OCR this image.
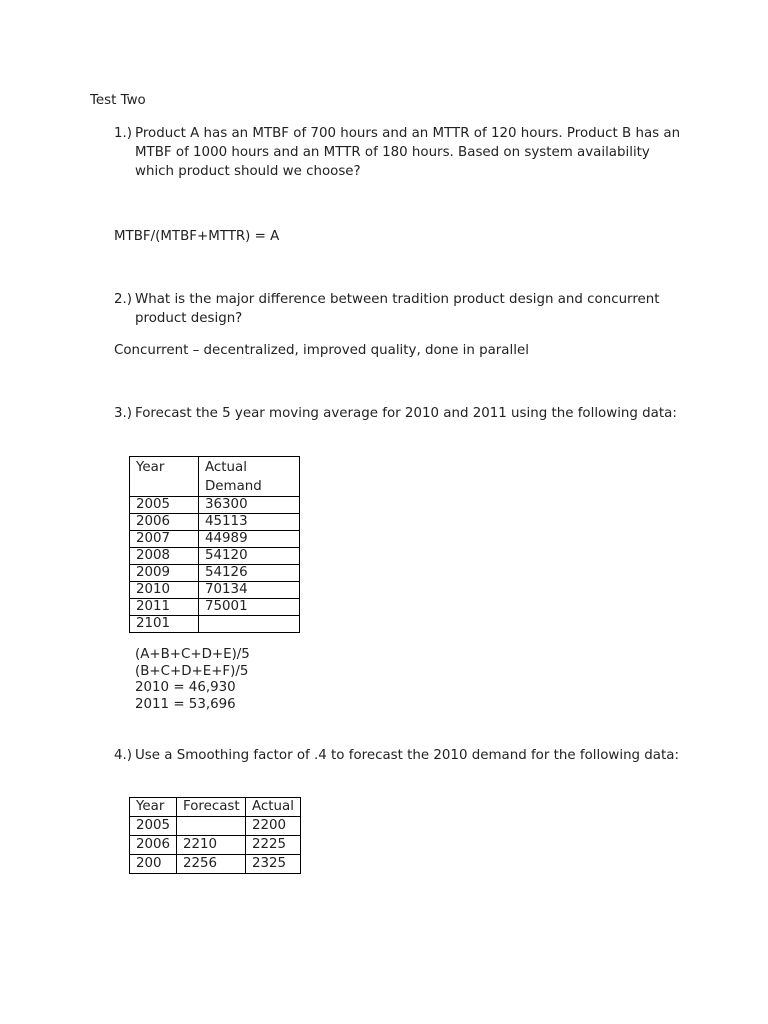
Test Two
1.) Product A has an MTBF of 700 hours and an MTTR of 120 hours. Product B has an MTBF of 1000 hours and an MTTR of 180 hours. Based on system availability which product should we choose?
MTBF/(MTBF+MTTR) = A
2.) What is the major difference between tradition product design and concurrent product design?
Concurrent – decentralized, improved quality, done in parallel
3.) Forecast the 5 year moving average for 2010 and 2011 using the following data:
Year	Actual Demand
2005	36300
2006	45113
2007	44989
2008	54120
2009	54126
2010	70134
2011	75001
2101	
(A+B+C+D+E)/5
(B+C+D+E+F)/5
2010 = 46,930
2011 = 53,696
4.) Use a Smoothing factor of .4 to forecast the 2010 demand for the following data:
Year	Forecast	Actual
2005		2200
2006	2210	2225
200	2256	2325
